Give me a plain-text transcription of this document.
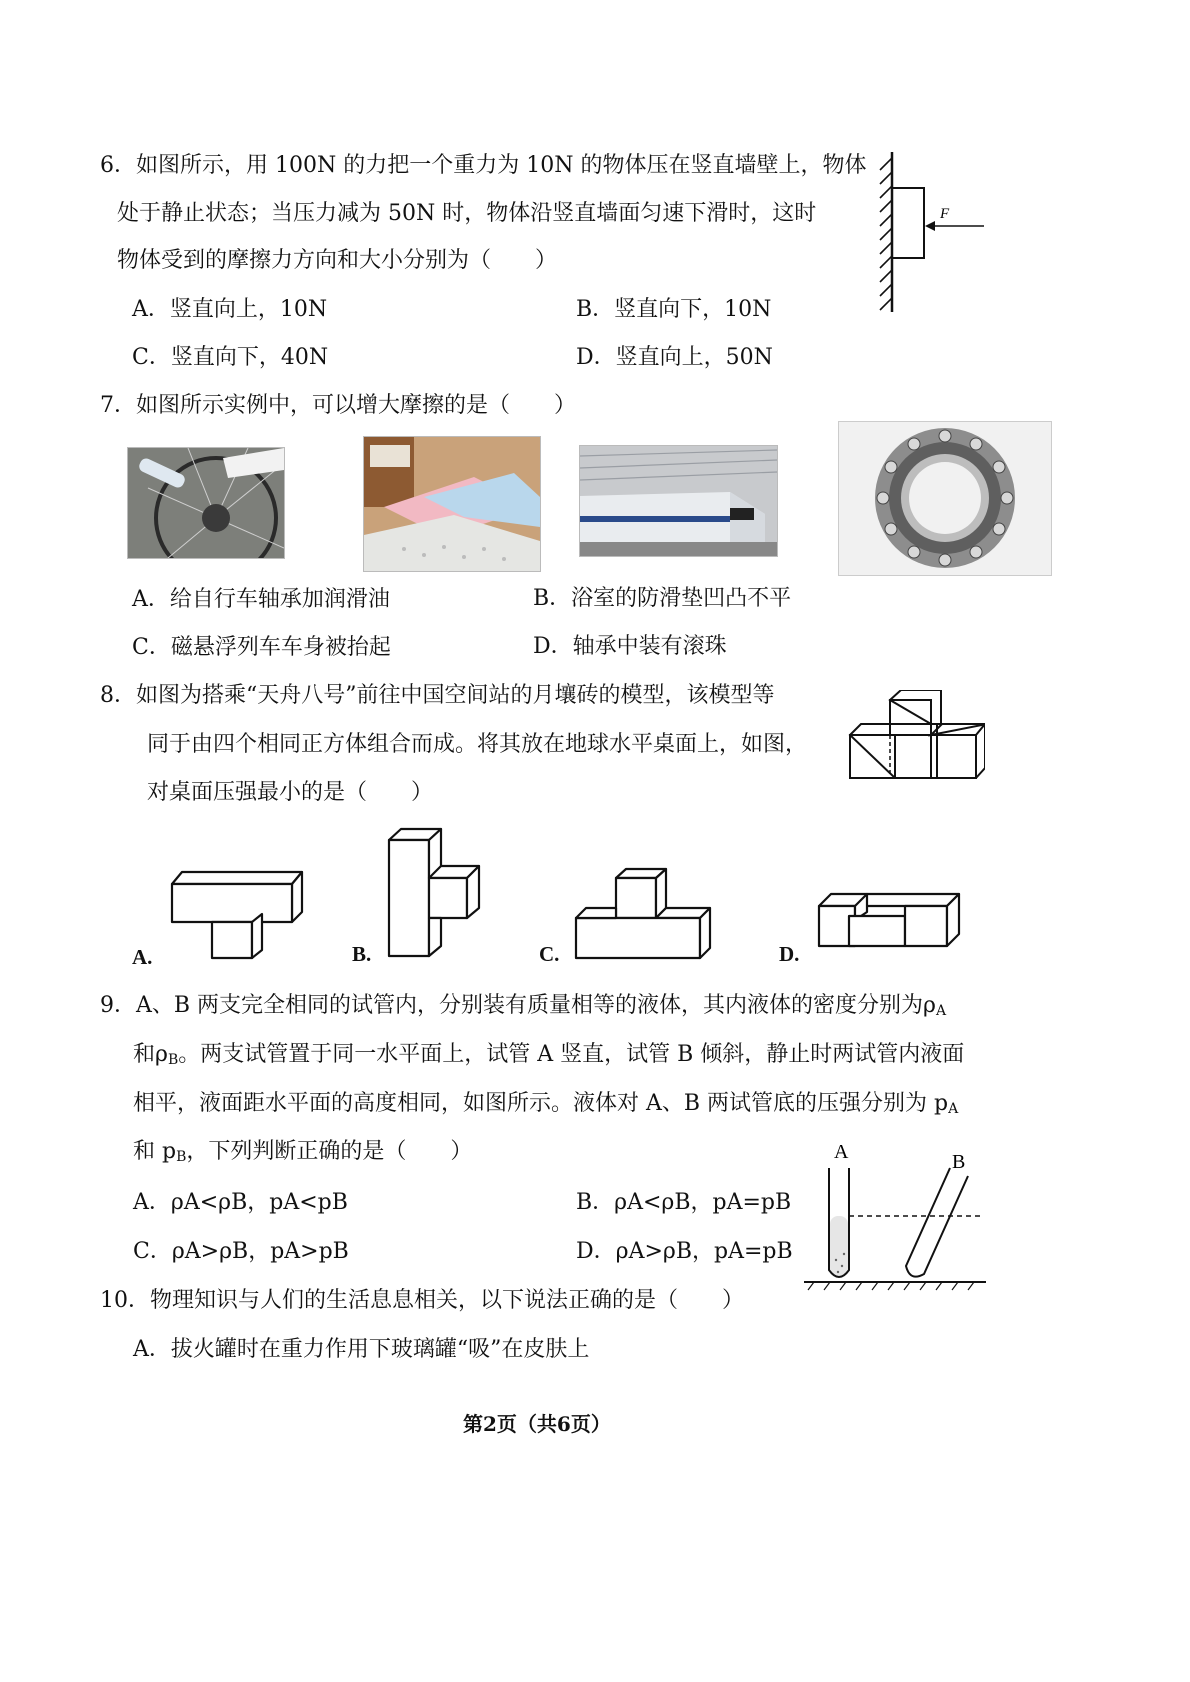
6．如图所示，用 100N 的力把一个重力为 10N 的物体压在竖直墙壁上，物体
处于静止状态；当压力减为 50N 时，物体沿竖直墙面匀速下滑时，这时
物体受到的摩擦力方向和大小分别为（　　）
A．竖直向上，10N	B．竖直向下，10N
C．竖直向下，40N	D．竖直向上，50N
F
7．如图所示实例中，可以增大摩擦的是（　　）
A．给自行车轴承加润滑油	B．浴室的防滑垫凹凸不平
C．磁悬浮列车车身被抬起	D．轴承中装有滚珠
8．如图为搭乘“天舟八号”前往中国空间站的月壤砖的模型，该模型等
同于由四个相同正方体组合而成。将其放在地球水平桌面上，如图，
对桌面压强最小的是（　　）
A.	B.	C.	D.
9．A、B 两支完全相同的试管内，分别装有质量相等的液体，其内液体的密度分别为$\rho_A$
和$\rho_B$。两支试管置于同一水平面上，试管 A 竖直，试管 B 倾斜，静止时两试管内液面
相平，液面距水平面的高度相同，如图所示。液体对 A、B 两试管底的压强分别为 $p_A$
和 $p_B$，下列判断正确的是（　　）
A．ρA<ρB，pA<pB	B．ρA<ρB，pA=pB
C．ρA>ρB，pA>pB	D．ρA>ρB，pA=pB
A	B
10．物理知识与人们的生活息息相关，以下说法正确的是（　　）
A．拔火罐时在重力作用下玻璃罐“吸”在皮肤上
第2页（共6页）
